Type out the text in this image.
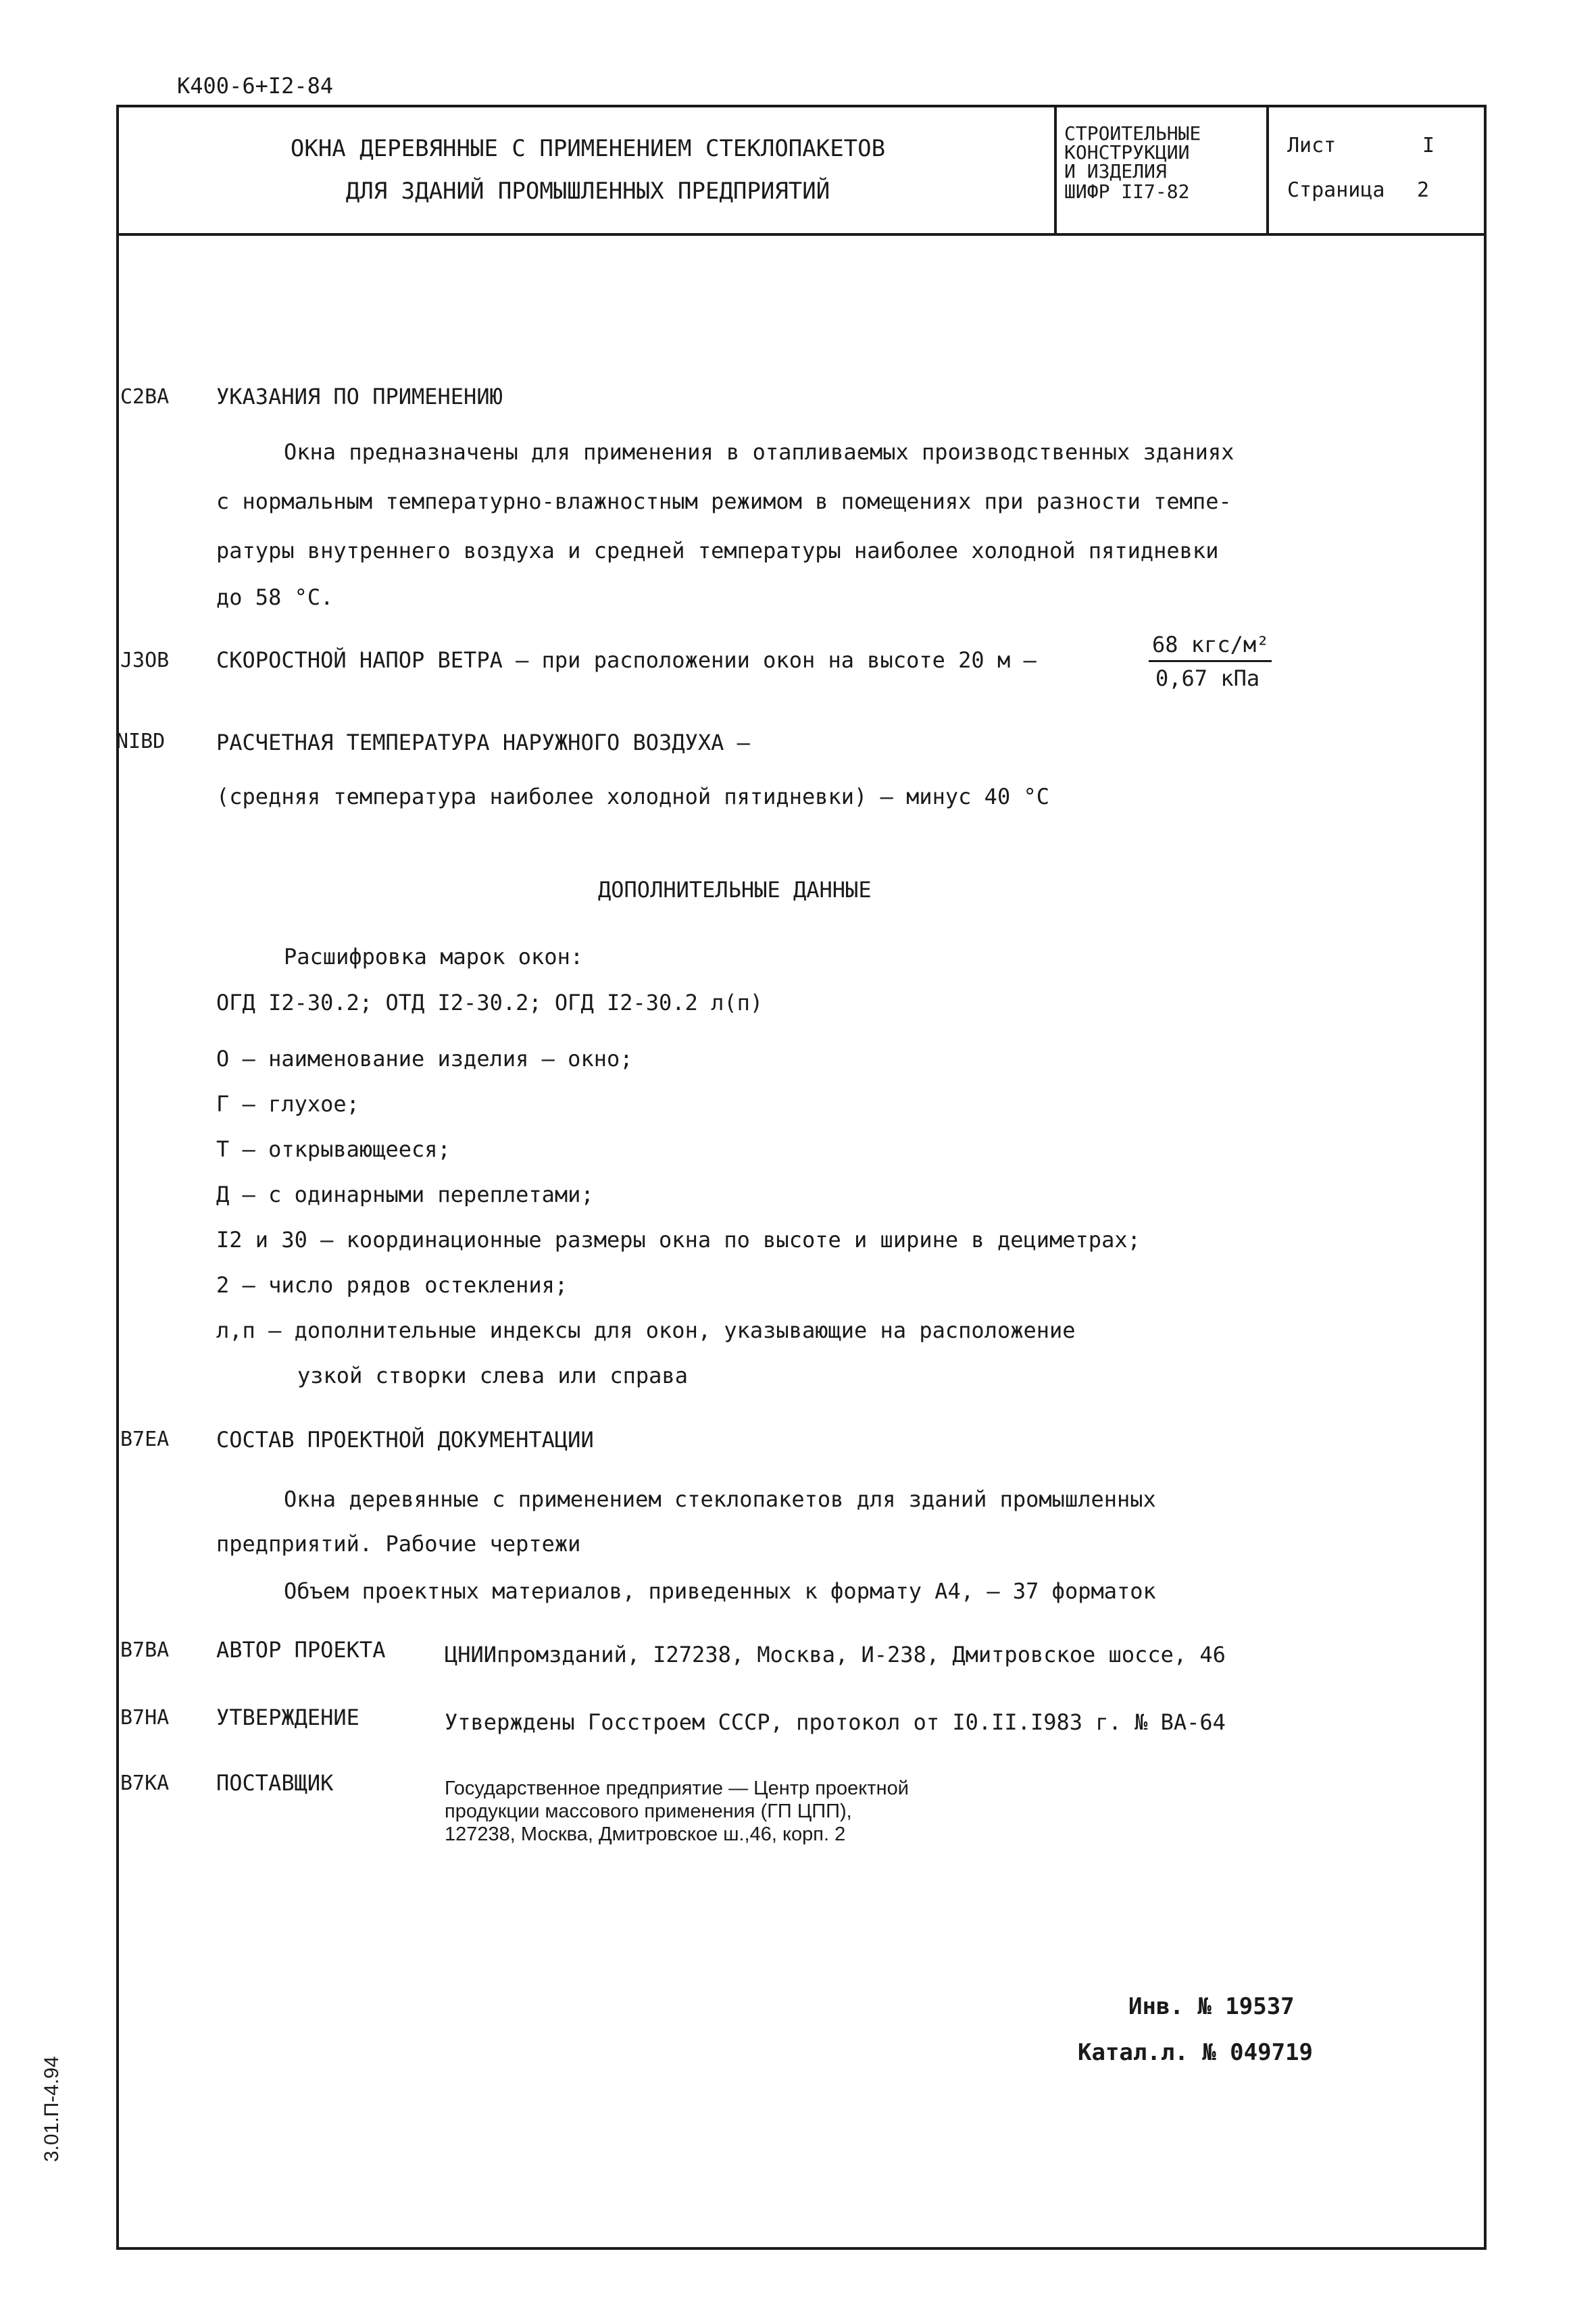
К400-6+I2-84
ОКНА ДЕРЕВЯННЫЕ С ПРИМЕНЕНИЕМ СТЕКЛОПАКЕТОВ
ДЛЯ ЗДАНИЙ ПРОМЫШЛЕННЫХ ПРЕДПРИЯТИЙ
СТРОИТЕЛЬНЫЕ
КОНСТРУКЦИИ
И ИЗДЕЛИЯ
ШИФР II7-82
Лист	I
Страница 2
C2BA УКАЗАНИЯ ПО ПРИМЕНЕНИЮ
Окна предназначены для применения в отапливаемых производственных зданиях
с нормальным температурно-влажностным режимом в помещениях при разности темпе-
ратуры внутреннего воздуха и средней температуры наиболее холодной пятидневки
до 58 °С.
J3OB СКОРОСТНОЙ НАПОР ВЕТРА – при расположении окон на высоте 20 м –
68 кгс/м²
0,67 кПа
NIBD РАСЧЕТНАЯ ТЕМПЕРАТУРА НАРУЖНОГО ВОЗДУХА –
(средняя температура наиболее холодной пятидневки) – минус 40 °С
ДОПОЛНИТЕЛЬНЫЕ ДАННЫЕ
Расшифровка марок окон:
ОГД I2-30.2; ОТД I2-30.2; ОГД I2-30.2 л(п)
О – наименование изделия – окно;
Г – глухое;
Т – открывающееся;
Д – с одинарными переплетами;
I2 и 30 – координационные размеры окна по высоте и ширине в дециметрах;
2 – число рядов остекления;
л,п – дополнительные индексы для окон, указывающие на расположение
узкой створки слева или справа
B7EA СОСТАВ ПРОЕКТНОЙ ДОКУМЕНТАЦИИ
Окна деревянные с применением стеклопакетов для зданий промышленных
предприятий. Рабочие чертежи
Объем проектных материалов, приведенных к формату А4, – 37 форматок
B7BA АВТОР ПРОЕКТА	ЦНИИпромзданий, I27238, Москва, И-238, Дмитровское шоссе, 46
B7HA УТВЕРЖДЕНИЕ	Утверждены Госстроем СССР, протокол от I0.II.I983 г. № ВА-64
B7KA ПОСТАВЩИК	Государственное предприятие — Центр проектной
продукции массового применения (ГП ЦПП),
127238, Москва, Дмитровское ш.,46, корп. 2
Инв. № 19537
Катал.л. № 049719
3.01.П-4.94
